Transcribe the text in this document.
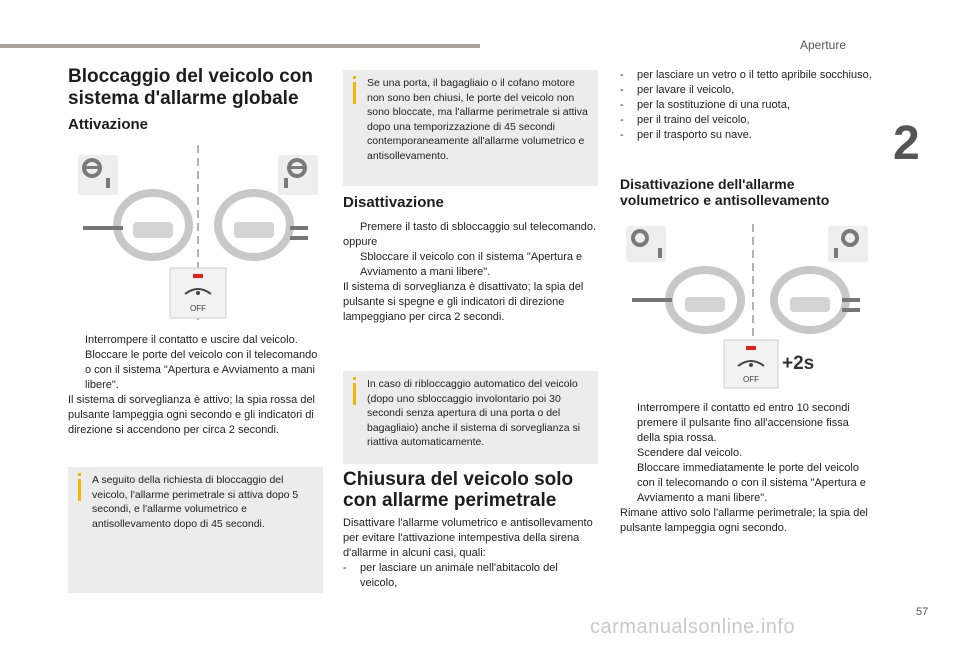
Aperture
2
57
carmanualsonline.info
Bloccaggio del veicolo con
sistema d'allarme globale
Attivazione
OFF
Interrompere il contatto e uscire dal veicolo.
Bloccare le porte del veicolo con il telecomando o con il sistema "Apertura e Avviamento a mani libere".

Il sistema di sorveglianza è attivo; la spia rossa del pulsante lampeggia ogni secondo e gli indicatori di direzione si accendono per circa 2 secondi.

A seguito della richiesta di bloccaggio del veicolo, l'allarme perimetrale si attiva dopo 5 secondi, e l'allarme volumetrico e antisollevamento dopo di 45 secondi.
Se una porta, il bagagliaio o il cofano motore non sono ben chiusi, le porte del veicolo non sono bloccate, ma l'allarme perimetrale si attiva dopo una temporizzazione di 45 secondi contemporaneamente all'allarme volumetrico e antisollevamento.
Disattivazione
Premere il tasto di sbloccaggio sul telecomando.

oppure

Sbloccare il veicolo con il sistema "Apertura e Avviamento a mani libere".

Il sistema di sorveglianza è disattivato; la spia del pulsante si spegne e gli indicatori di direzione lampeggiano per circa 2 secondi.

In caso di ribloccaggio automatico del veicolo (dopo uno sbloccaggio involontario poi 30 secondi senza apertura di una porta o del bagagliaio) anche il sistema di sorveglianza si riattiva automaticamente.
Chiusura del veicolo solo
con allarme perimetrale

Disattivare l'allarme volumetrico e antisollevamento per evitare l'attivazione intempestiva della sirena d'allarme in alcuni casi, quali:

- per lasciare un animale nell'abitacolo del veicolo,
- per lasciare un vetro o il tetto apribile socchiuso,
- per lavare il veicolo,
- per la sostituzione di una ruota,
- per il traino del veicolo,
- per il trasporto su nave.
Disattivazione dell'allarme
volumetrico e antisollevamento
OFF
+2s
Interrompere il contatto ed entro 10 secondi premere il pulsante fino all'accensione fissa della spia rossa.
Scendere dal veicolo.
Bloccare immediatamente le porte del veicolo con il telecomando o con il sistema "Apertura e Avviamento a mani libere".

Rimane attivo solo l'allarme perimetrale; la spia del pulsante lampeggia ogni secondo.
